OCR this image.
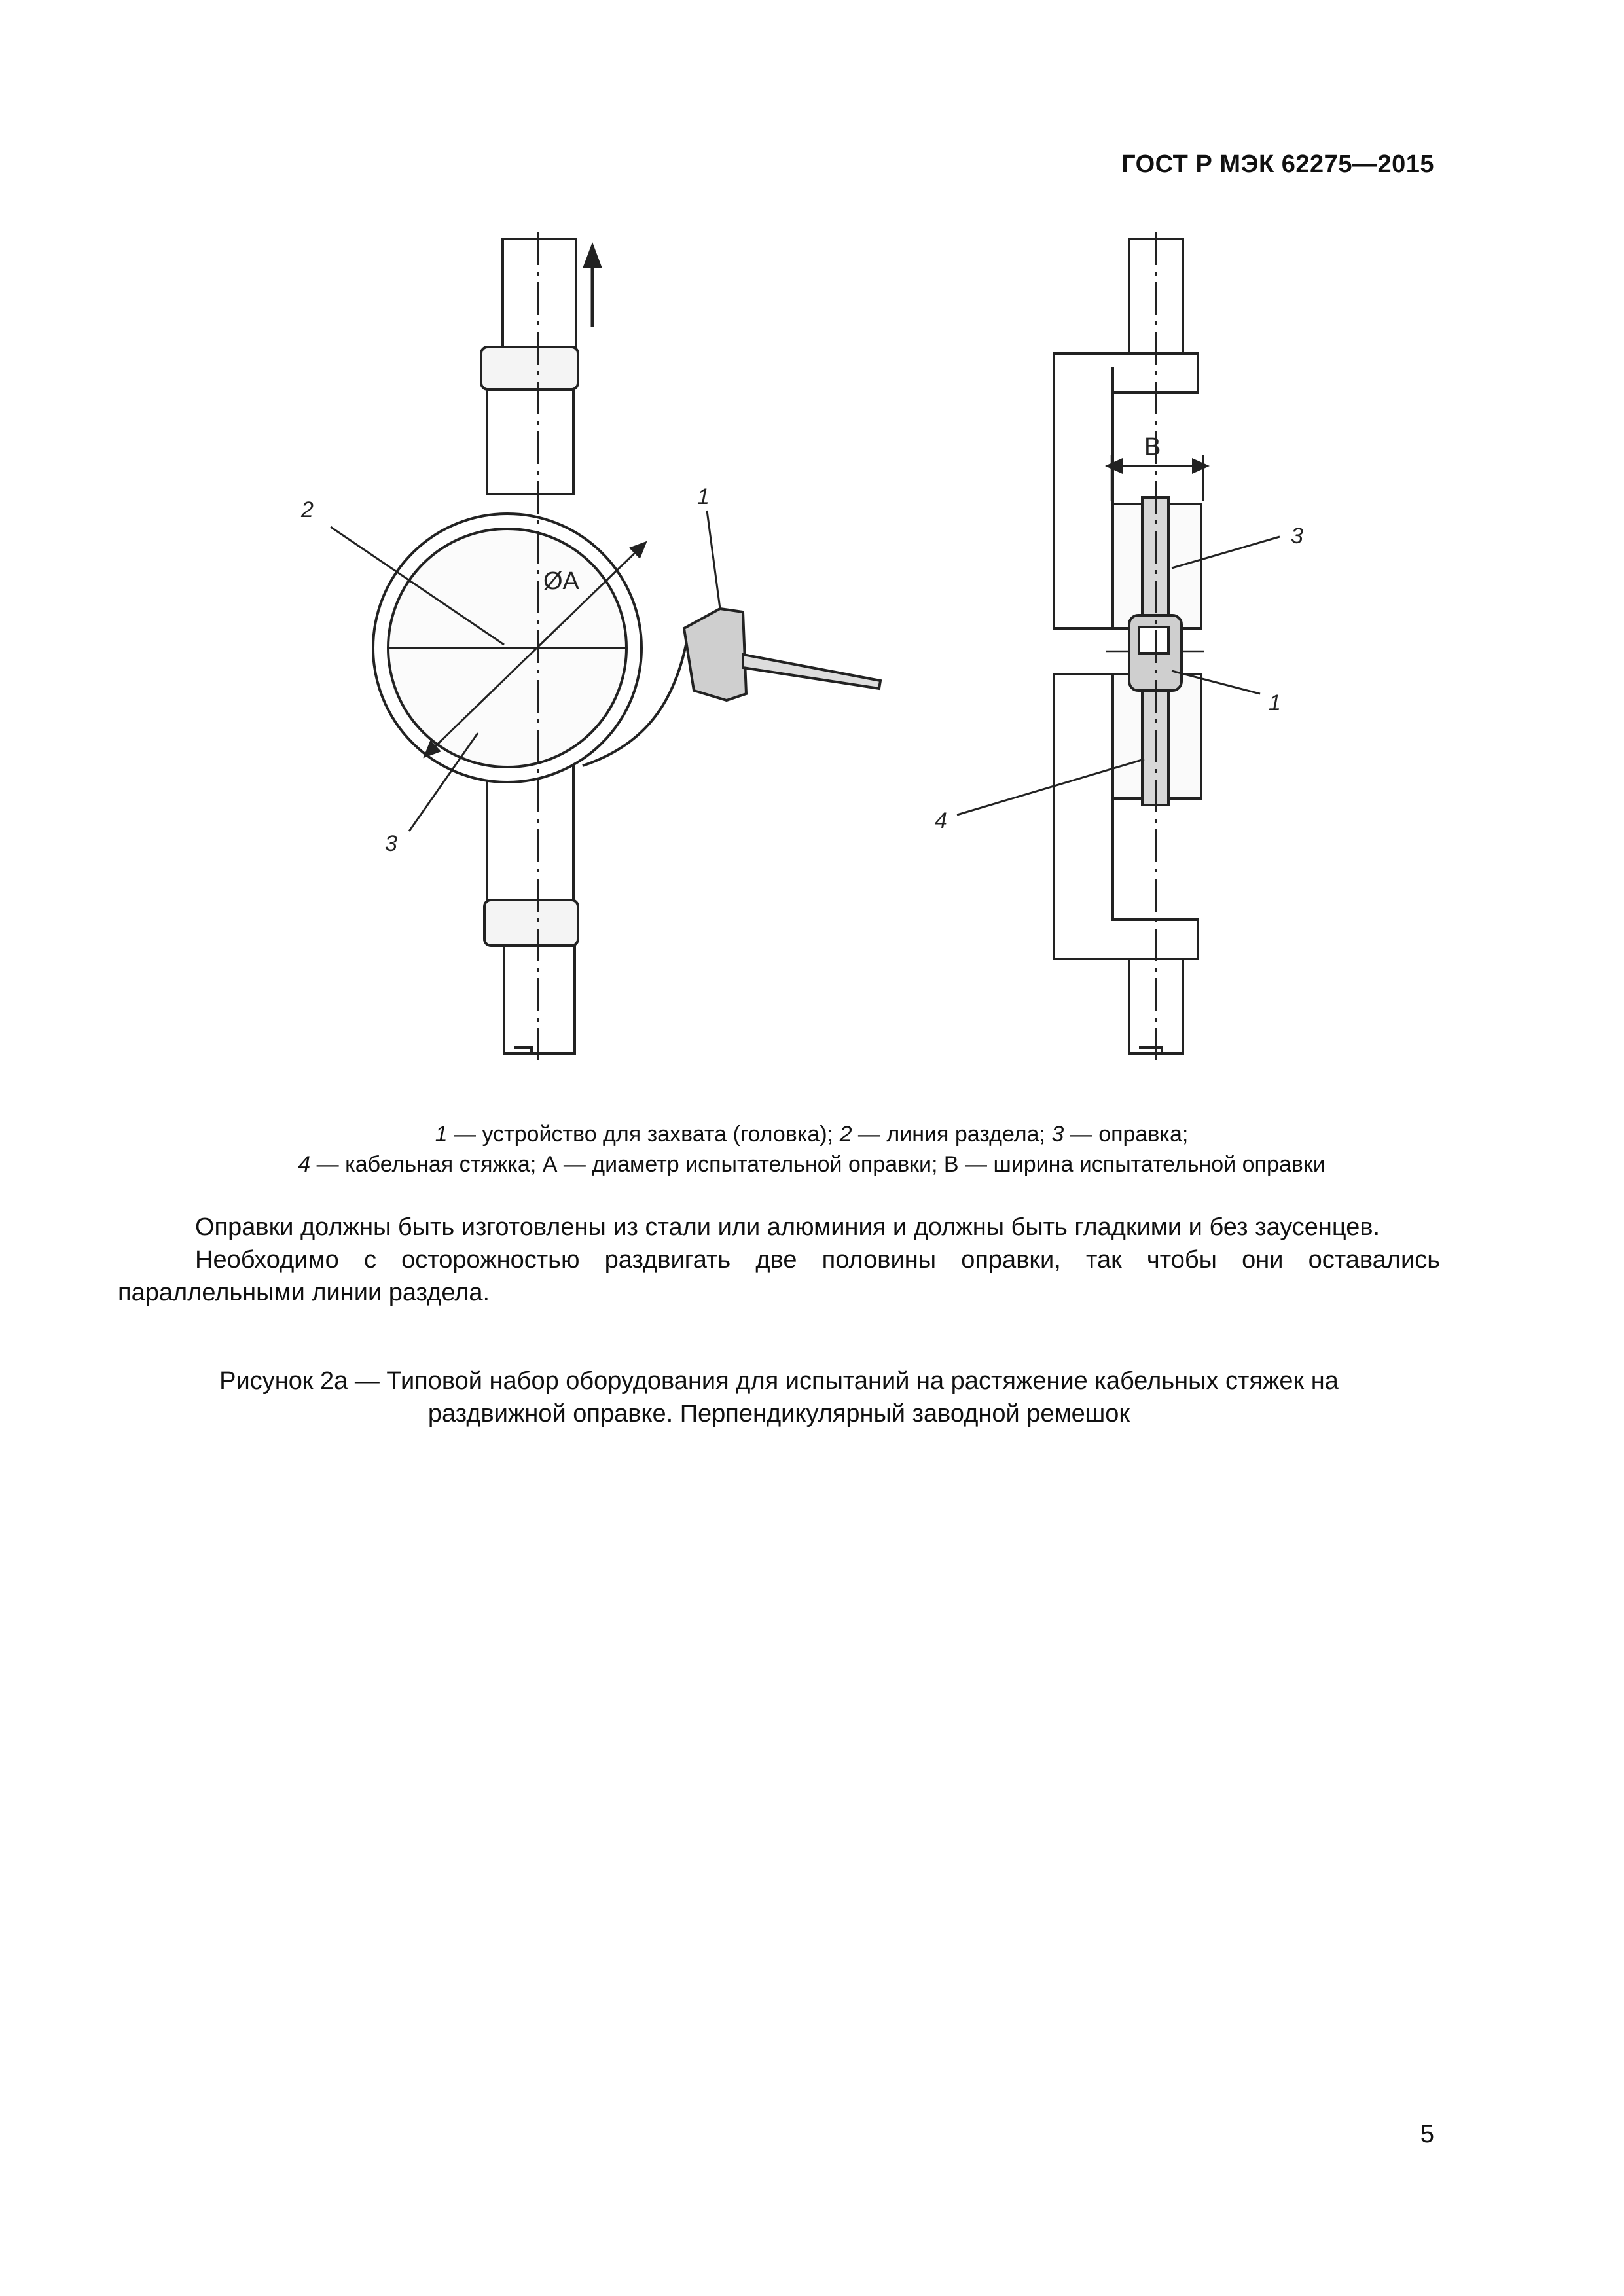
ГОСТ Р МЭК 62275—2015
ØA
2
1
3
B
3
1
4
1 — устройство для захвата (головка); 2 — линия раздела; 3 — оправка;
4 — кабельная стяжка; А — диаметр испытательной оправки; В — ширина испытательной оправки

Оправки должны быть изготовлены из стали или алюминия и должны быть гладкими и без заусенцев.

Необходимо с осторожностью раздвигать две половины оправки, так чтобы они оставались параллельными линии раздела.

Рисунок 2а — Типовой набор оборудования для испытаний на растяжение кабельных стяжек на
раздвижной оправке. Перпендикулярный заводной ремешок
5
